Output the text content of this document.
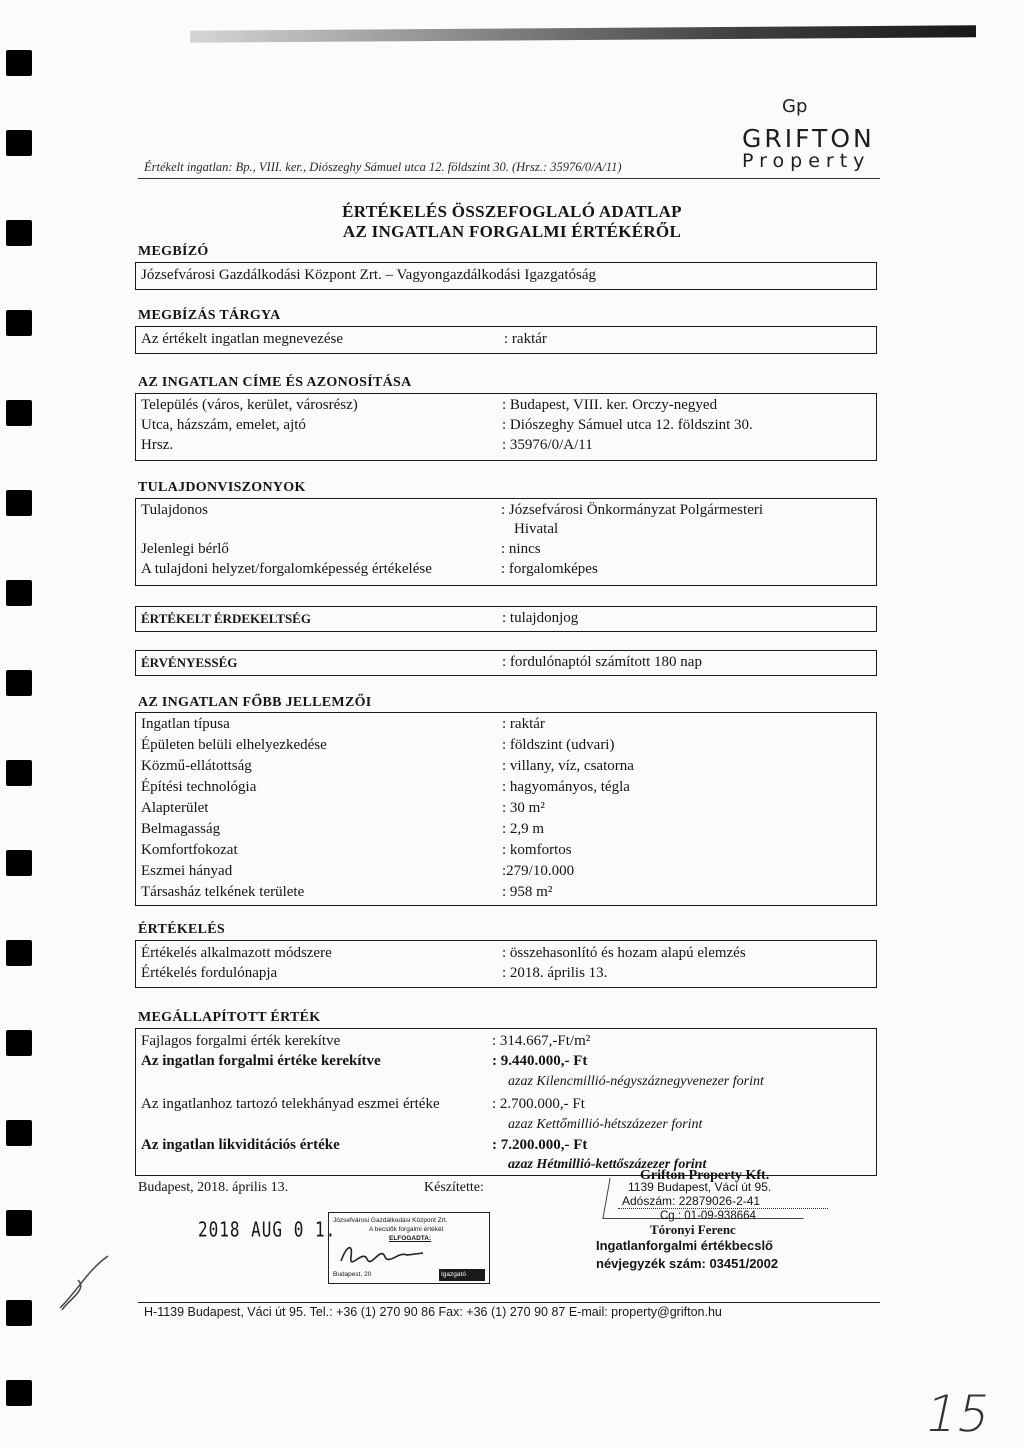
Gp
GRIFTON
Property
Értékelt ingatlan: Bp., VIII. ker., Diószeghy Sámuel utca 12. földszint 30. (Hrsz.: 35976/0/A/11)
ÉRTÉKELÉS ÖSSZEFOGLALÓ ADATLAP
AZ INGATLAN FORGALMI ÉRTÉKÉRŐL
MEGBÍZÓ
Józsefvárosi Gazdálkodási Központ Zrt. – Vagyongazdálkodási Igazgatóság
MEGBÍZÁS TÁRGYA
Az értékelt ingatlan megnevezése	: raktár
AZ INGATLAN CÍME ÉS AZONOSÍTÁSA
Település (város, kerület, városrész)	: Budapest, VIII. ker. Orczy-negyed
Utca, házszám, emelet, ajtó	: Diószeghy Sámuel utca 12. földszint 30.
Hrsz.	: 35976/0/A/11
TULAJDONVISZONYOK
Tulajdonos	: Józsefvárosi Önkormányzat Polgármesteri
Hivatal
Jelenlegi bérlő	: nincs
A tulajdoni helyzet/forgalomképesség értékelése	: forgalomképes
ÉRTÉKELT ÉRDEKELTSÉG	: tulajdonjog
ÉRVÉNYESSÉG	: fordulónaptól számított 180 nap
AZ INGATLAN FŐBB JELLEMZŐI
Ingatlan típusa	: raktár
Épületen belüli elhelyezkedése	: földszint (udvari)
Közmű-ellátottság	: villany, víz, csatorna
Építési technológia	: hagyományos, tégla
Alapterület	: 30 m²
Belmagasság	: 2,9 m
Komfortfokozat	: komfortos
Eszmei hányad	:279/10.000
Társasház telkének területe	: 958 m²
ÉRTÉKELÉS
Értékelés alkalmazott módszere	: összehasonlító és hozam alapú elemzés
Értékelés fordulónapja	: 2018. április 13.
MEGÁLLAPÍTOTT ÉRTÉK
Fajlagos forgalmi érték kerekítve	: 314.667,-Ft/m²
Az ingatlan forgalmi értéke kerekítve	: 9.440.000,- Ft
azaz Kilencmillió-négyszáznegyvenezer forint
Az ingatlanhoz tartozó telekhányad eszmei értéke	: 2.700.000,- Ft
azaz Kettőmillió-hétszázezer forint
Az ingatlan likviditációs értéke	: 7.200.000,- Ft
azaz Hétmillió-kettőszázezer forint
Budapest, 2018. április 13.	Készítette:
Grifton Property Kft.
1139 Budapest, Váci út 95.
Adószám: 22879026-2-41
Cg.: 01-09-938664
Tóronyi Ferenc
Ingatlanforgalmi értékbecslő
névjegyzék szám: 03451/2002
2018 AUG 0 1.
Józsefvárosi Gazdálkodási Központ Zrt.
A becslők forgalmi értékét
ELFOGADTA:
Budapest, 20	Igazgató
H-1139 Budapest, Váci út 95. Tel.: +36 (1) 270 90 86 Fax: +36 (1) 270 90 87 E-mail: property@grifton.hu
15
